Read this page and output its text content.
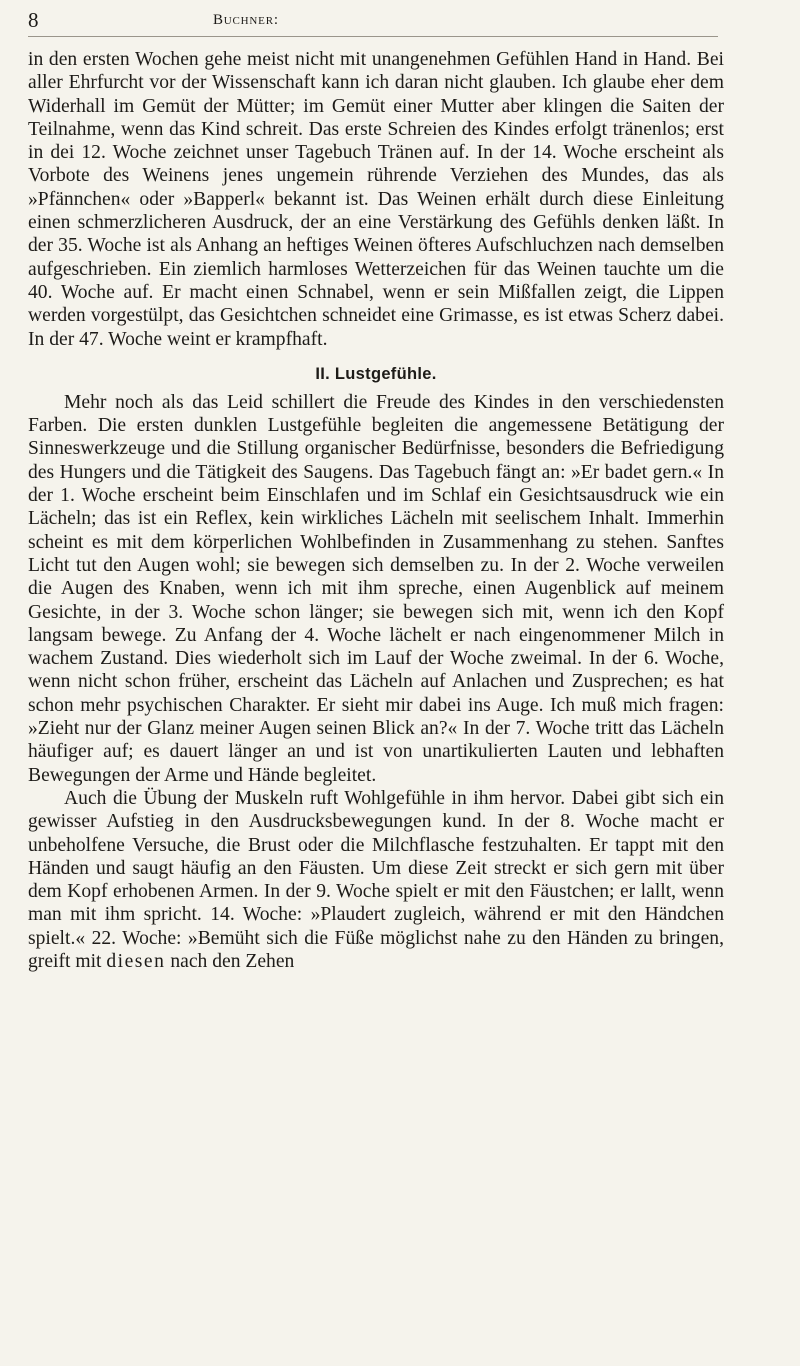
8	Buchner:

in den ersten Wochen gehe meist nicht mit unangenehmen Gefühlen Hand in Hand. Bei aller Ehrfurcht vor der Wissenschaft kann ich daran nicht glauben. Ich glaube eher dem Widerhall im Gemüt der Mütter; im Gemüt einer Mutter aber klingen die Saiten der Teilnahme, wenn das Kind schreit. Das erste Schreien des Kindes erfolgt tränenlos; erst in dei 12. Woche zeichnet unser Tagebuch Tränen auf. In der 14. Woche erscheint als Vorbote des Weinens jenes ungemein rührende Verziehen des Mundes, das als »Pfännchen« oder »Bapperl« bekannt ist. Das Weinen erhält durch diese Einleitung einen schmerzlicheren Ausdruck, der an eine Verstärkung des Gefühls denken läßt. In der 35. Woche ist als Anhang an heftiges Weinen öfteres Aufschluchzen nach demselben aufgeschrieben. Ein ziemlich harmloses Wetterzeichen für das Weinen tauchte um die 40. Woche auf. Er macht einen Schnabel, wenn er sein Mißfallen zeigt, die Lippen werden vorgestülpt, das Gesichtchen schneidet eine Grimasse, es ist etwas Scherz dabei. In der 47. Woche weint er krampfhaft.

II. Lustgefühle.

Mehr noch als das Leid schillert die Freude des Kindes in den verschiedensten Farben. Die ersten dunklen Lustgefühle begleiten die angemessene Betätigung der Sinneswerkzeuge und die Stillung organischer Bedürfnisse, besonders die Befriedigung des Hungers und die Tätigkeit des Saugens. Das Tagebuch fängt an: »Er badet gern.« In der 1. Woche erscheint beim Einschlafen und im Schlaf ein Gesichtsausdruck wie ein Lächeln; das ist ein Reflex, kein wirkliches Lächeln mit seelischem Inhalt. Immerhin scheint es mit dem körperlichen Wohlbefinden in Zusammenhang zu stehen. Sanftes Licht tut den Augen wohl; sie bewegen sich demselben zu. In der 2. Woche verweilen die Augen des Knaben, wenn ich mit ihm spreche, einen Augenblick auf meinem Gesichte, in der 3. Woche schon länger; sie bewegen sich mit, wenn ich den Kopf langsam bewege. Zu Anfang der 4. Woche lächelt er nach eingenommener Milch in wachem Zustand. Dies wiederholt sich im Lauf der Woche zweimal. In der 6. Woche, wenn nicht schon früher, erscheint das Lächeln auf Anlachen und Zusprechen; es hat schon mehr psychischen Charakter. Er sieht mir dabei ins Auge. Ich muß mich fragen: »Zieht nur der Glanz meiner Augen seinen Blick an?« In der 7. Woche tritt das Lächeln häufiger auf; es dauert länger an und ist von unartikulierten Lauten und lebhaften Bewegungen der Arme und Hände begleitet.

Auch die Übung der Muskeln ruft Wohlgefühle in ihm hervor. Dabei gibt sich ein gewisser Aufstieg in den Ausdrucksbewegungen kund. In der 8. Woche macht er unbeholfene Versuche, die Brust oder die Milchflasche festzuhalten. Er tappt mit den Händen und saugt häufig an den Fäusten. Um diese Zeit streckt er sich gern mit über dem Kopf erhobenen Armen. In der 9. Woche spielt er mit den Fäustchen; er lallt, wenn man mit ihm spricht. 14. Woche: »Plaudert zugleich, während er mit den Händchen spielt.« 22. Woche: »Bemüht sich die Füße möglichst nahe zu den Händen zu bringen, greift mit diesen nach den Zehen
